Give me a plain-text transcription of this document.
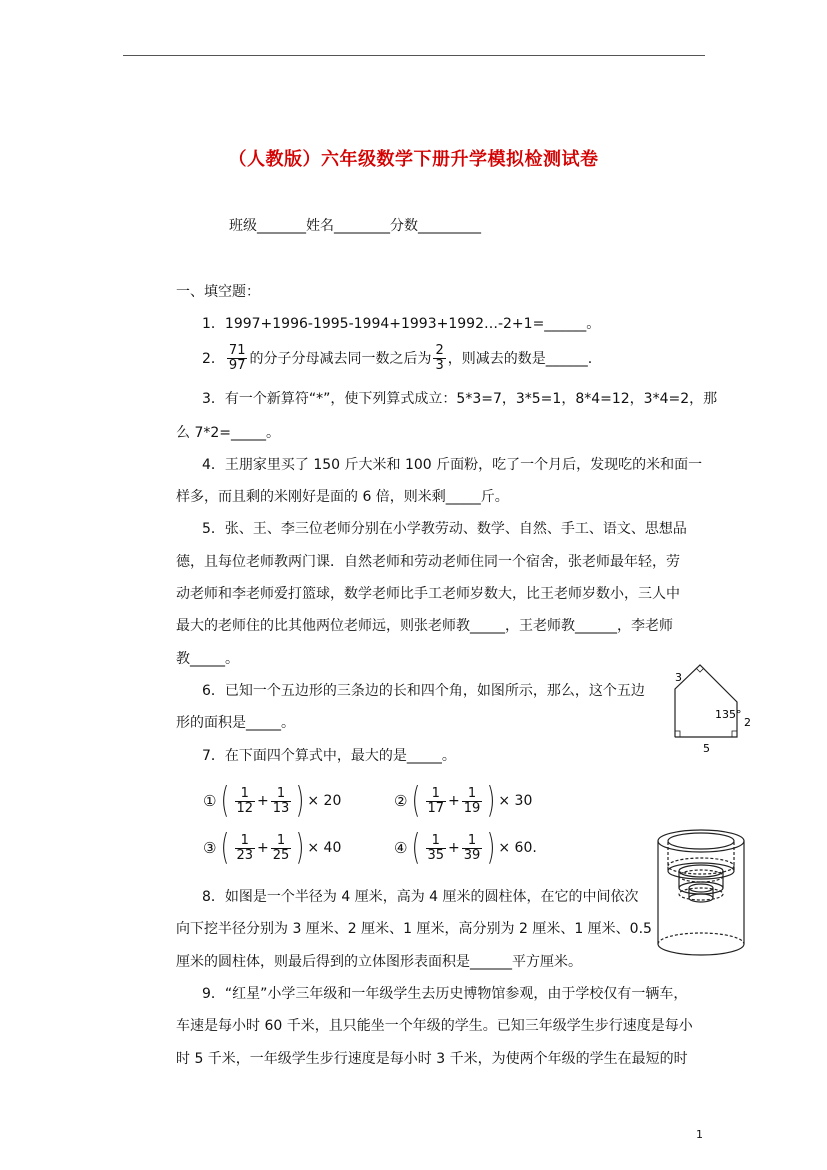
（人教版）六年级数学下册升学模拟检测试卷
班级_______姓名________分数_________
一、填空题：
1．1997+1996-1995-1994+1993+1992…-2+1=______。
2． $\frac{71}{97}$ 的分子分母减去同一数之后为 $\frac{2}{3}$ ，则减去的数是______.
3．有一个新算符“*”，使下列算式成立：5*3=7，3*5=1，8*4=12，3*4=2，那
么 7*2=_____。
4．王朋家里买了 150 斤大米和 100 斤面粉，吃了一个月后，发现吃的米和面一
样多，而且剩的米刚好是面的 6 倍，则米剩_____斤。
5．张、王、李三位老师分别在小学教劳动、数学、自然、手工、语文、思想品
德，且每位老师教两门课．自然老师和劳动老师住同一个宿舍，张老师最年轻，劳
动老师和李老师爱打篮球，数学老师比手工老师岁数大，比王老师岁数小，三人中
最大的老师住的比其他两位老师远，则张老师教_____，王老师教______，李老师
教_____。
6．已知一个五边形的三条边的长和四个角，如图所示，那么，这个五边
形的面积是_____。
3
135°
2
5
7．在下面四个算式中，最大的是_____。
① ( $\frac{1}{12} + \frac{1}{13}$ ) × 20	② ( $\frac{1}{17} + \frac{1}{19}$ ) × 30
③ ( $\frac{1}{23} + \frac{1}{25}$ ) × 40	④ ( $\frac{1}{35} + \frac{1}{39}$ ) × 60.
8．如图是一个半径为 4 厘米，高为 4 厘米的圆柱体，在它的中间依次
向下挖半径分别为 3 厘米、2 厘米、1 厘米，高分别为 2 厘米、1 厘米、0.5
厘米的圆柱体，则最后得到的立体图形表面积是______平方厘米。
9．“红星”小学三年级和一年级学生去历史博物馆参观，由于学校仅有一辆车，
车速是每小时 60 千米，且只能坐一个年级的学生。已知三年级学生步行速度是每小
时 5 千米，一年级学生步行速度是每小时 3 千米，为使两个年级的学生在最短的时
1
